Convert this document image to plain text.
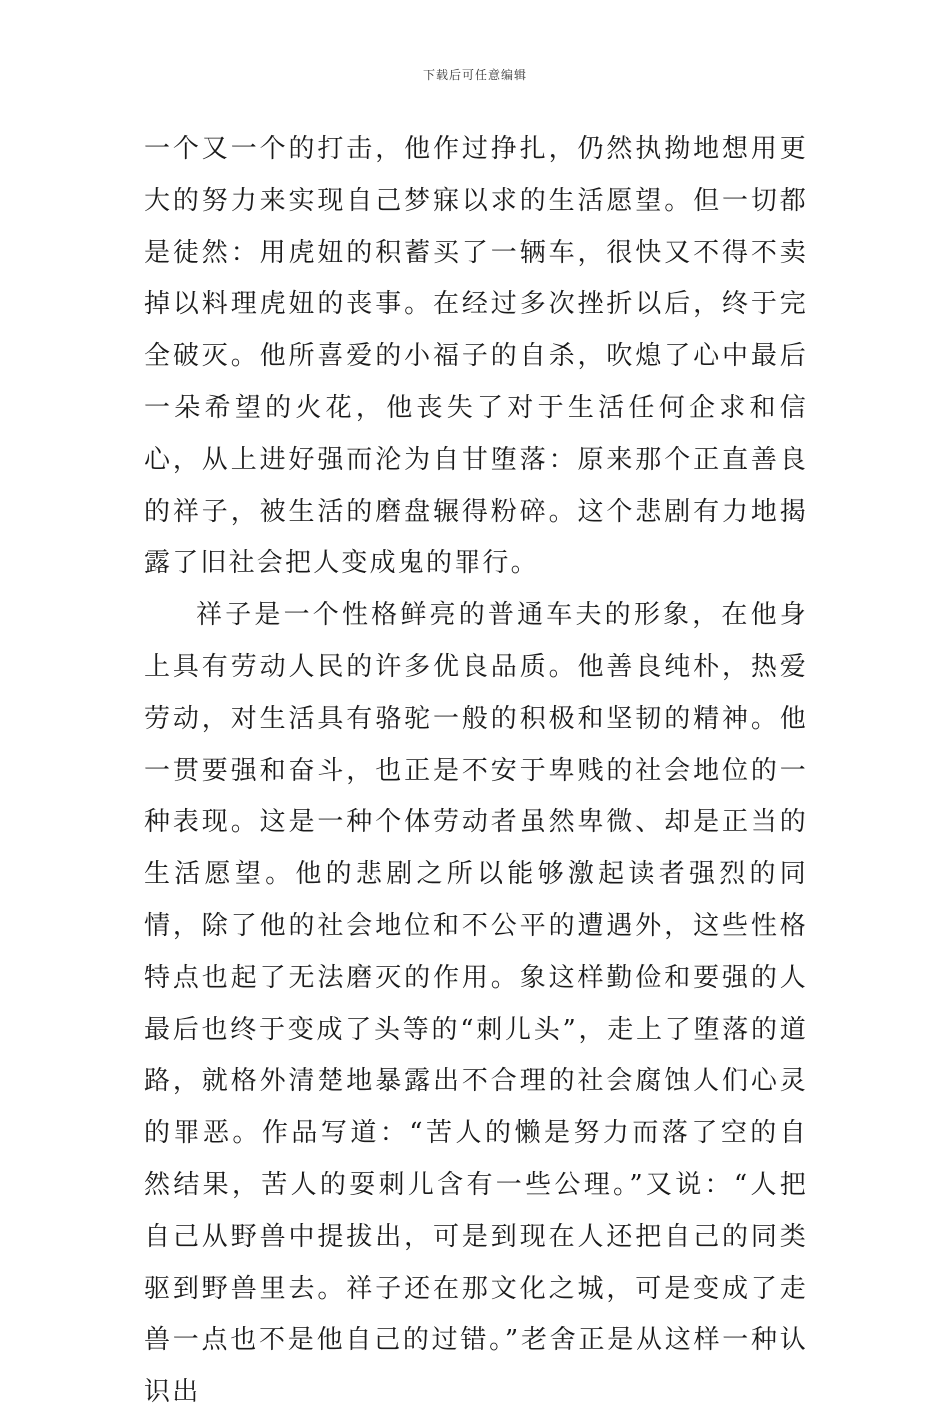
下载后可任意编辑

一个又一个的打击，他作过挣扎，仍然执拗地想用更大的努力来实现自己梦寐以求的生活愿望。但一切都是徒然：用虎妞的积蓄买了一辆车，很快又不得不卖掉以料理虎妞的丧事。在经过多次挫折以后，终于完全破灭。他所喜爱的小福子的自杀，吹熄了心中最后一朵希望的火花，他丧失了对于生活任何企求和信心，从上进好强而沦为自甘堕落：原来那个正直善良的祥子，被生活的磨盘辗得粉碎。这个悲剧有力地揭露了旧社会把人变成鬼的罪行。

祥子是一个性格鲜亮的普通车夫的形象，在他身上具有劳动人民的许多优良品质。他善良纯朴，热爱劳动，对生活具有骆驼一般的积极和坚韧的精神。他一贯要强和奋斗，也正是不安于卑贱的社会地位的一种表现。这是一种个体劳动者虽然卑微、却是正当的生活愿望。他的悲剧之所以能够激起读者强烈的同情，除了他的社会地位和不公平的遭遇外，这些性格特点也起了无法磨灭的作用。象这样勤俭和要强的人最后也终于变成了头等的“刺儿头”，走上了堕落的道路，就格外清楚地暴露出不合理的社会腐蚀人们心灵的罪恶。作品写道：“苦人的懒是努力而落了空的自然结果，苦人的耍刺儿含有一些公理。”又说：“人把自己从野兽中提拔出，可是到现在人还把自己的同类驱到野兽里去。祥子还在那文化之城，可是变成了走兽一点也不是他自己的过错。”老舍正是从这样一种认识出
